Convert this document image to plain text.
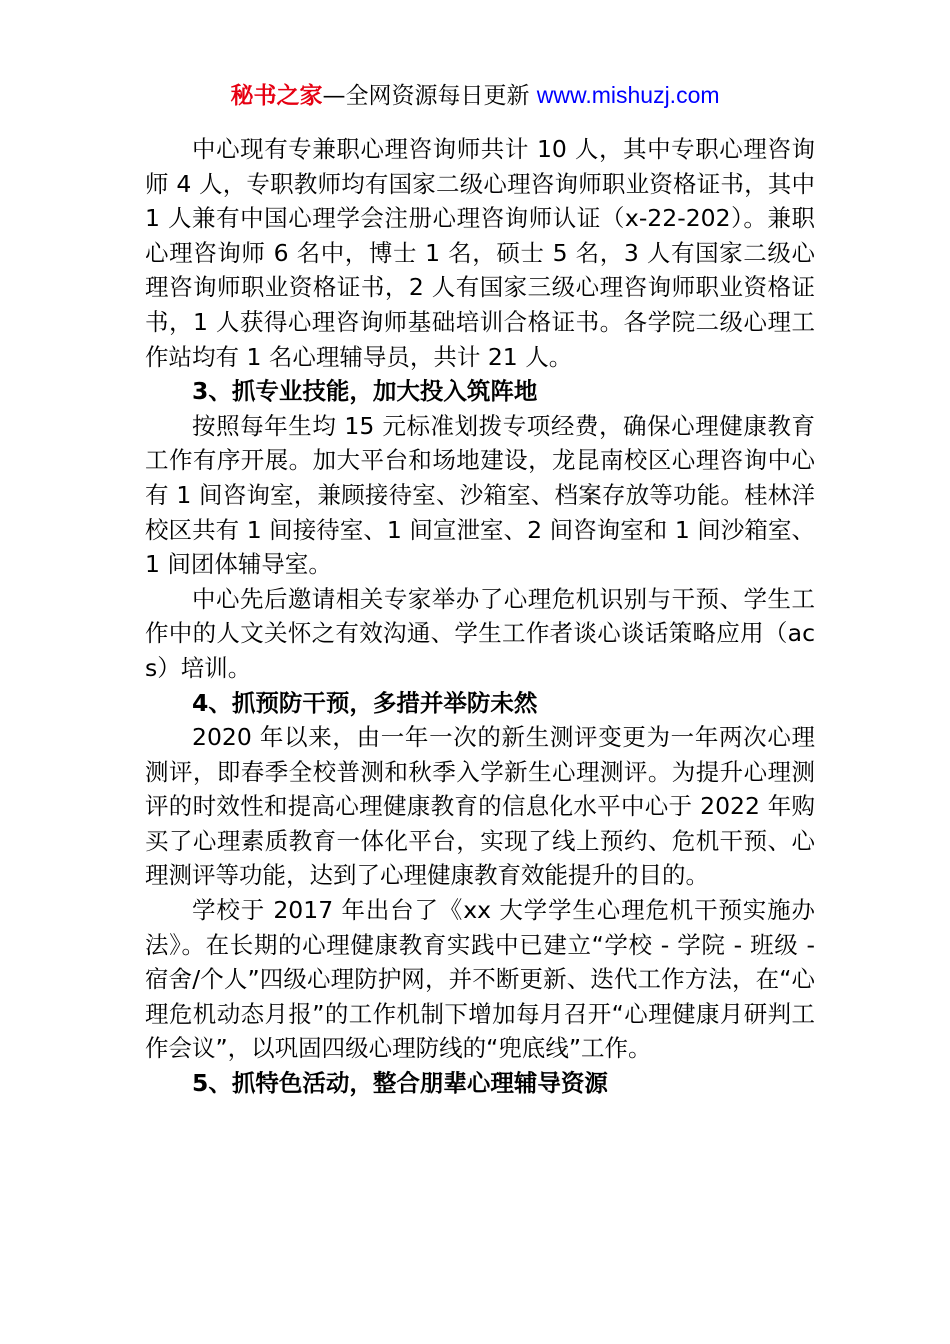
秘书之家—全网资源每日更新 www.mishuzj.com

中心现有专兼职心理咨询师共计 10 人，其中专职心理咨询师 4 人，专职教师均有国家二级心理咨询师职业资格证书，其中 1 人兼有中国心理学会注册心理咨询师认证（x-22-202）。兼职心理咨询师 6 名中，博士 1 名，硕士 5 名，3 人有国家二级心理咨询师职业资格证书，2 人有国家三级心理咨询师职业资格证书，1 人获得心理咨询师基础培训合格证书。各学院二级心理工作站均有 1 名心理辅导员，共计 21 人。

3、抓专业技能，加大投入筑阵地

按照每年生均 15 元标准划拨专项经费，确保心理健康教育工作有序开展。加大平台和场地建设，龙昆南校区心理咨询中心有 1 间咨询室，兼顾接待室、沙箱室、档案存放等功能。桂林洋校区共有 1 间接待室、1 间宣泄室、2 间咨询室和 1 间沙箱室、1 间团体辅导室。

中心先后邀请相关专家举办了心理危机识别与干预、学生工作中的人文关怀之有效沟通、学生工作者谈心谈话策略应用（acs）培训。

4、抓预防干预，多措并举防未然

2020 年以来，由一年一次的新生测评变更为一年两次心理测评，即春季全校普测和秋季入学新生心理测评。为提升心理测评的时效性和提高心理健康教育的信息化水平中心于 2022 年购买了心理素质教育一体化平台，实现了线上预约、危机干预、心理测评等功能，达到了心理健康教育效能提升的目的。

学校于 2017 年出台了《xx 大学学生心理危机干预实施办法》。在长期的心理健康教育实践中已建立“学校 - 学院 - 班级 - 宿舍/个人”四级心理防护网，并不断更新、迭代工作方法，在“心理危机动态月报”的工作机制下增加每月召开“心理健康月研判工作会议”，以巩固四级心理防线的“兜底线”工作。

5、抓特色活动，整合朋辈心理辅导资源
